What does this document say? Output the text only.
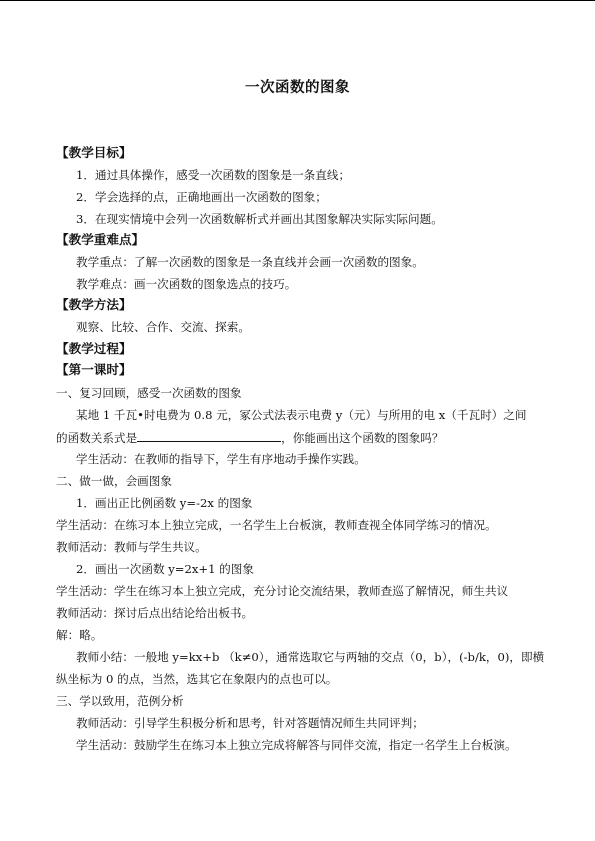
一次函数的图象
【教学目标】
1．通过具体操作，感受一次函数的图象是一条直线；
2．学会选择的点，正确地画出一次函数的图象；
3．在现实情境中会列一次函数解析式并画出其图象解决实际实际问题。
【教学重难点】
教学重点：了解一次函数的图象是一条直线并会画一次函数的图象。
教学难点：画一次函数的图象选点的技巧。
【教学方法】
观察、比较、合作、交流、探索。
【教学过程】
【第一课时】
一、复习回顾，感受一次函数的图象
某地 1 千瓦•时电费为 0.8 元，冢公式法表示电费 y（元）与所用的电 x（千瓦时）之间
的函数关系式是	，你能画出这个函数的图象吗？
学生活动：在教师的指导下，学生有序地动手操作实践。
二、做一做，会画图象
1．画出正比例函数 y=-2x 的图象
学生活动：在练习本上独立完成，一名学生上台板演，教师查视全体同学练习的情况。
教师活动：教师与学生共议。
2．画出一次函数 y=2x+1 的图象
学生活动：学生在练习本上独立完成，充分讨论交流结果，教师查巡了解情况，师生共议
教师活动：探讨后点出结论给出板书。
解：略。
教师小结：一般地 y=kx+b （k≠0），通常选取它与两轴的交点（0，b），(-b/k，0)，即横
纵坐标为 0 的点，当然，选其它在象限内的点也可以。
三、学以致用，范例分析
教师活动：引导学生积极分析和思考，针对答题情况师生共同评判；
学生活动：鼓励学生在练习本上独立完成将解答与同伴交流，指定一名学生上台板演。
